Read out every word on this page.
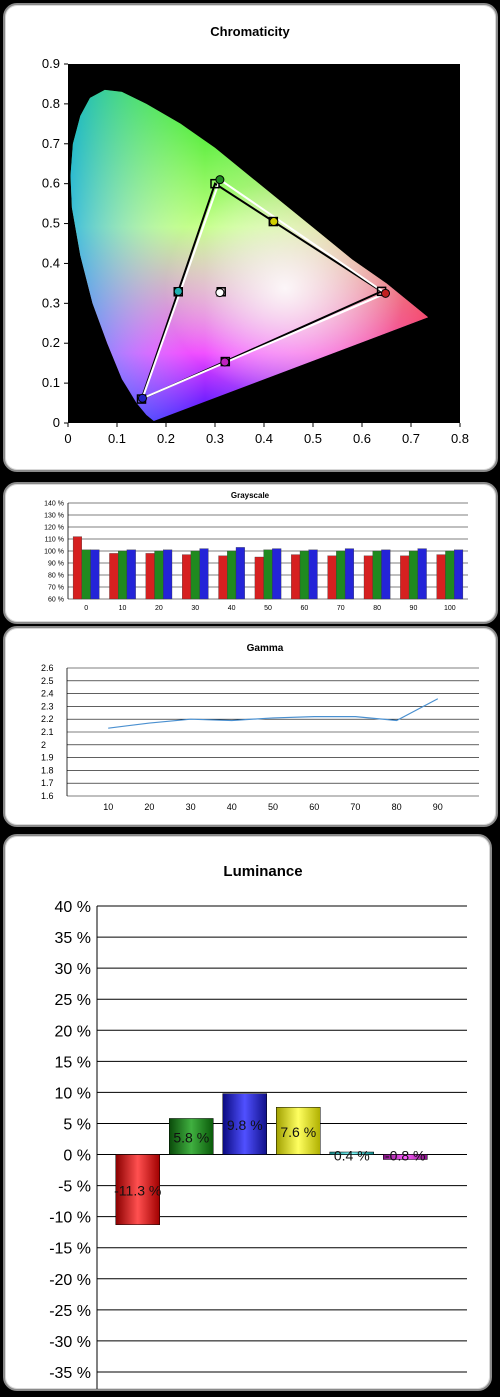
Chromaticity
0	0.1 0.2 0.3 0.4 0.5 0.6 0.7 0.8
0
0.1
0.2
0.3
0.4
0.5
0.6
0.7
0.8
0.9
Grayscale
140 %
130 %
120 %
110 %
100 %
90 %
80 %
70 %
60 %
0	10	20	30	40	50	60	70	80	90	100
Gamma
2.6
2.5
2.4
2.3
2.2
2.1
2
1.9
1.8
1.7
1.6
10	20	30	40	50	60	70	80	90
Luminance
40 %
35 %
30 %
25 %
20 %
15 %
10 %
5 %
0 %
-5 %
-10 %
-15 %
-20 %
-25 %
-30 %
-35 %
-11.3 %
5.8 %
9.8 % 7.6 %
0.4 % -0.8 %
